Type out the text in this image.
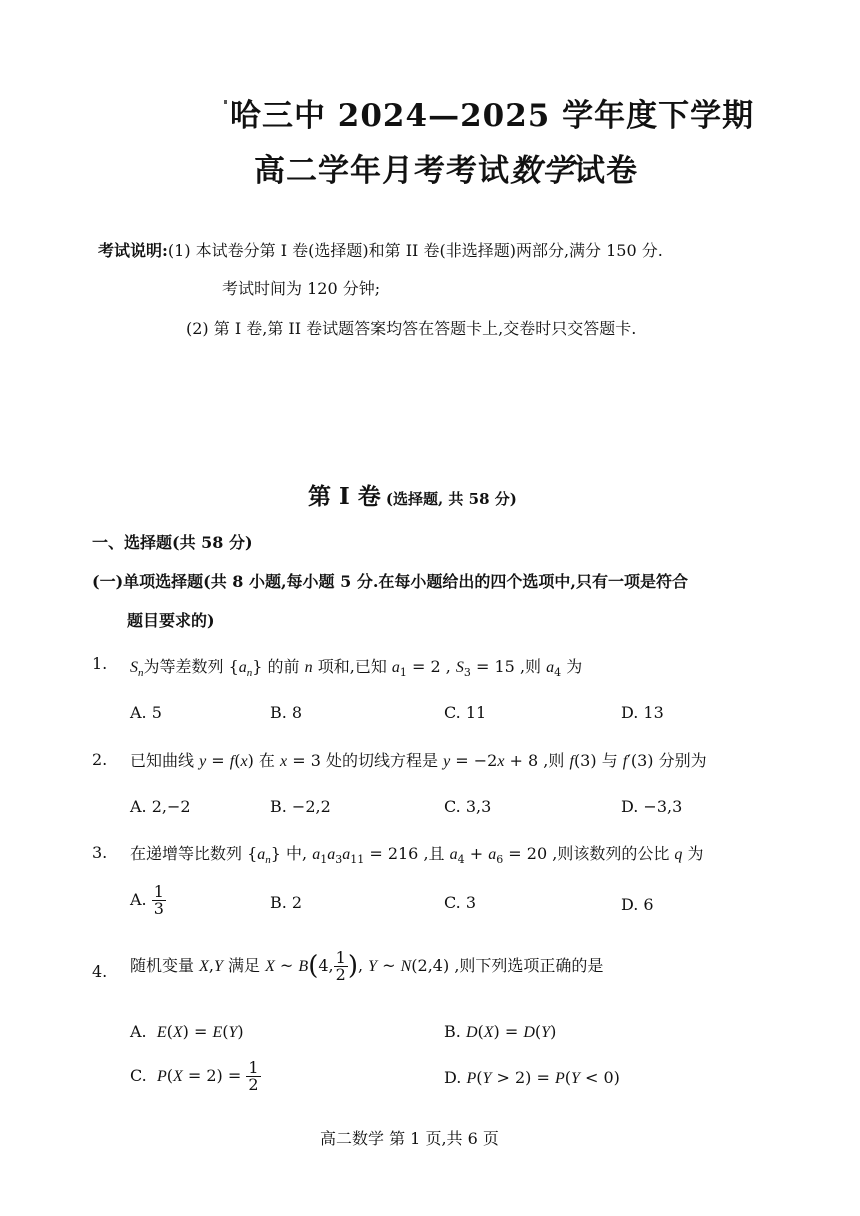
哈三中 2024—2025 学年度下学期
高二学年月考考试数学试卷
考试说明:(1) 本试卷分第 I 卷(选择题)和第 II 卷(非选择题)两部分,满分 150 分.
考试时间为 120 分钟;
(2) 第 I 卷,第 II 卷试题答案均答在答题卡上,交卷时只交答题卡.
第 I 卷 (选择题, 共 58 分)
一、选择题(共 58 分)
(一)单项选择题(共 8 小题,每小题 5 分.在每小题给出的四个选项中,只有一项是符合
题目要求的)
1. $S_n$为等差数列 $\{a_n\}$ 的前 n 项和,已知 $a_1 = 2$ , $S_3 = 15$ ,则 $a_4$ 为
A. 5	B. 8	C. 11	D. 13
2. 已知曲线 y = f(x) 在 x = 3 处的切线方程是 y = −2x + 8 ,则 f(3) 与 f′(3) 分别为
A. 2,−2	B. −2,2	C. 3,3	D. −3,3
3. 在递增等比数列 $\{a_n\}$ 中, $a_1a_3a_{11} = 216$ ,且 $a_4 + a_6 = 20$ ,则该数列的公比 q 为
A. $\frac{1}{3}$	B. 2	C. 3	D. 6
4. 随机变量 X,Y 满足 X ~ B(4, $\frac{1}{2}$ ), Y ~ N(2,4) ,则下列选项正确的是
A.  E(X) = E(Y)	B. D(X) = D(Y)
C.  $P(X = 2) = \frac{1}{2}$	D. P(Y > 2) = P(Y < 0)
高二数学 第 1 页,共 6 页
